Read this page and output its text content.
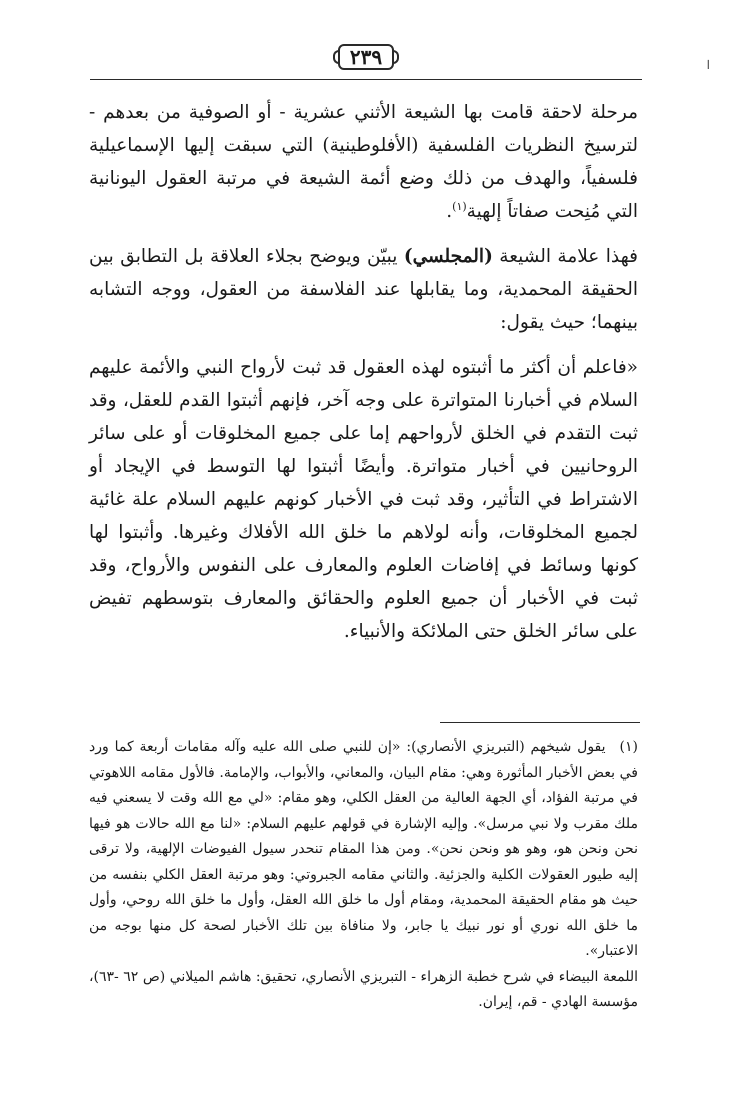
٢٣٩	ا

مرحلة لاحقة قامت بها الشيعة الأثني عشرية - أو الصوفية من بعدهم - لترسيخ النظريات الفلسفية (الأفلوطينية) التي سبقت إليها الإسماعيلية فلسفياً، والهدف من ذلك وضع أئمة الشيعة في مرتبة العقول اليونانية التي مُنِحت صفاتاً إلهية$^{(١)}$.

فهذا علامة الشيعة (المجلسي) يبيّن ويوضح بجلاء العلاقة بل التطابق بين الحقيقة المحمدية، وما يقابلها عند الفلاسفة من العقول، ووجه التشابه بينهما؛ حيث يقول:

«فاعلم أن أكثر ما أثبتوه لهذه العقول قد ثبت لأرواح النبي والأئمة عليهم السلام في أخبارنا المتواترة على وجه آخر، فإنهم أثبتوا القدم للعقل، وقد ثبت التقدم في الخلق لأرواحهم إما على جميع المخلوقات أو على سائر الروحانيين في أخبار متواترة. وأيضًا أثبتوا لها التوسط في الإيجاد أو الاشتراط في التأثير، وقد ثبت في الأخبار كونهم عليهم السلام علة غائية لجميع المخلوقات، وأنه لولاهم ما خلق الله الأفلاك وغيرها. وأثبتوا لها كونها وسائط في إفاضات العلوم والمعارف على النفوس والأرواح، وقد ثبت في الأخبار أن جميع العلوم والحقائق والمعارف بتوسطهم تفيض على سائر الخلق حتى الملائكة والأنبياء.

(١)يقول شيخهم (التبريزي الأنصاري): «إن للنبي صلى الله عليه وآله مقامات أربعة كما ورد في بعض الأخبار المأثورة وهي: مقام البيان، والمعاني، والأبواب، والإمامة. فالأول مقامه اللاهوتي في مرتبة الفؤاد، أي الجهة العالية من العقل الكلي، وهو مقام: «لي مع الله وقت لا يسعني فيه ملك مقرب ولا نبي مرسل». وإليه الإشارة في قولهم عليهم السلام: «لنا مع الله حالات هو فيها نحن ونحن هو، وهو هو ونحن نحن». ومن هذا المقام تنحدر سيول الفيوضات الإلهية، ولا ترقى إليه طيور العقولات الكلية والجزئية. والثاني مقامه الجبروتي: وهو مرتبة العقل الكلي بنفسه من حيث هو مقام الحقيقة المحمدية، ومقام أول ما خلق الله العقل، وأول ما خلق الله روحي، وأول ما خلق الله نوري أو نور نبيك يا جابر، ولا منافاة بين تلك الأخبار لصحة كل منها بوجه من الاعتبار».

اللمعة البيضاء في شرح خطبة الزهراء - التبريزي الأنصاري، تحقيق: هاشم الميلاني (ص ٦٢ -٦٣)، مؤسسة الهادي - قم، إيران.
